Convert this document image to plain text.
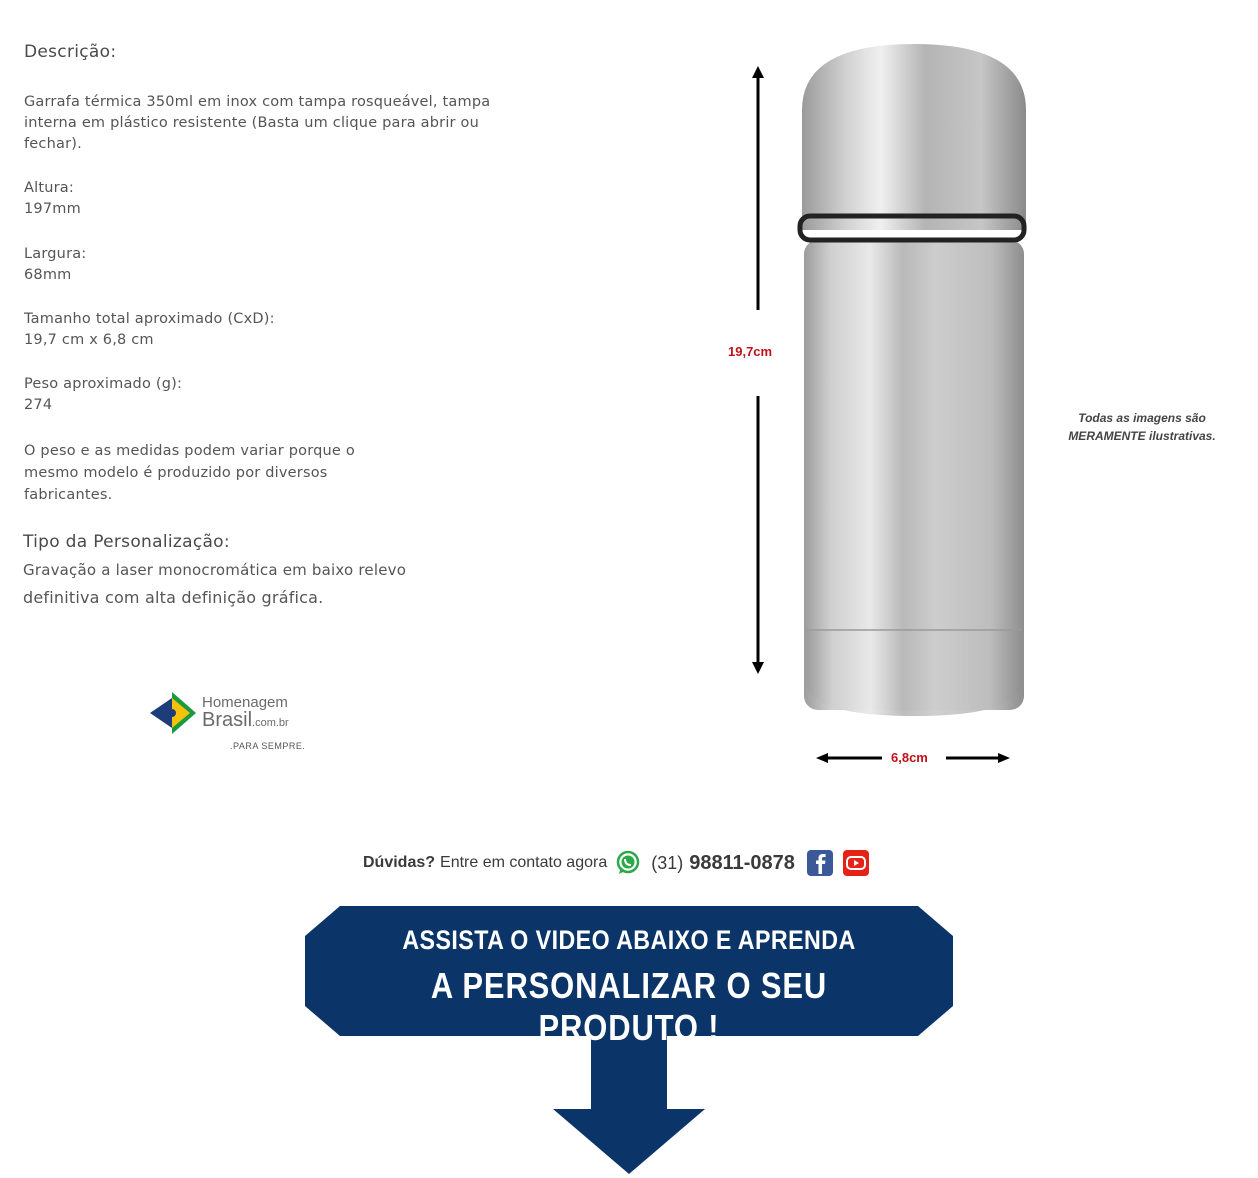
Descrição:
Garrafa térmica 350ml em inox com tampa rosqueável, tampa interna em plástico resistente (Basta um clique para abrir ou fechar).
Altura:
197mm
Largura:
68mm
Tamanho total aproximado (CxD):
19,7 cm x 6,8 cm
Peso aproximado (g):
274
O peso e as medidas podem variar porque o mesmo modelo é produzido por diversos fabricantes.
Tipo da Personalização:
Gravação a laser monocromática em baixo relevo
definitiva com alta definição gráfica.
Homenagem
Brasil.com.br
.PARA SEMPRE.
19,7cm
6,8cm
Todas as imagens são
MERAMENTE ilustrativas.
Dúvidas? Entre em contato agora (31) 98811-0878
ASSISTA O VIDEO ABAIXO E APRENDA
A PERSONALIZAR O SEU PRODUTO !
